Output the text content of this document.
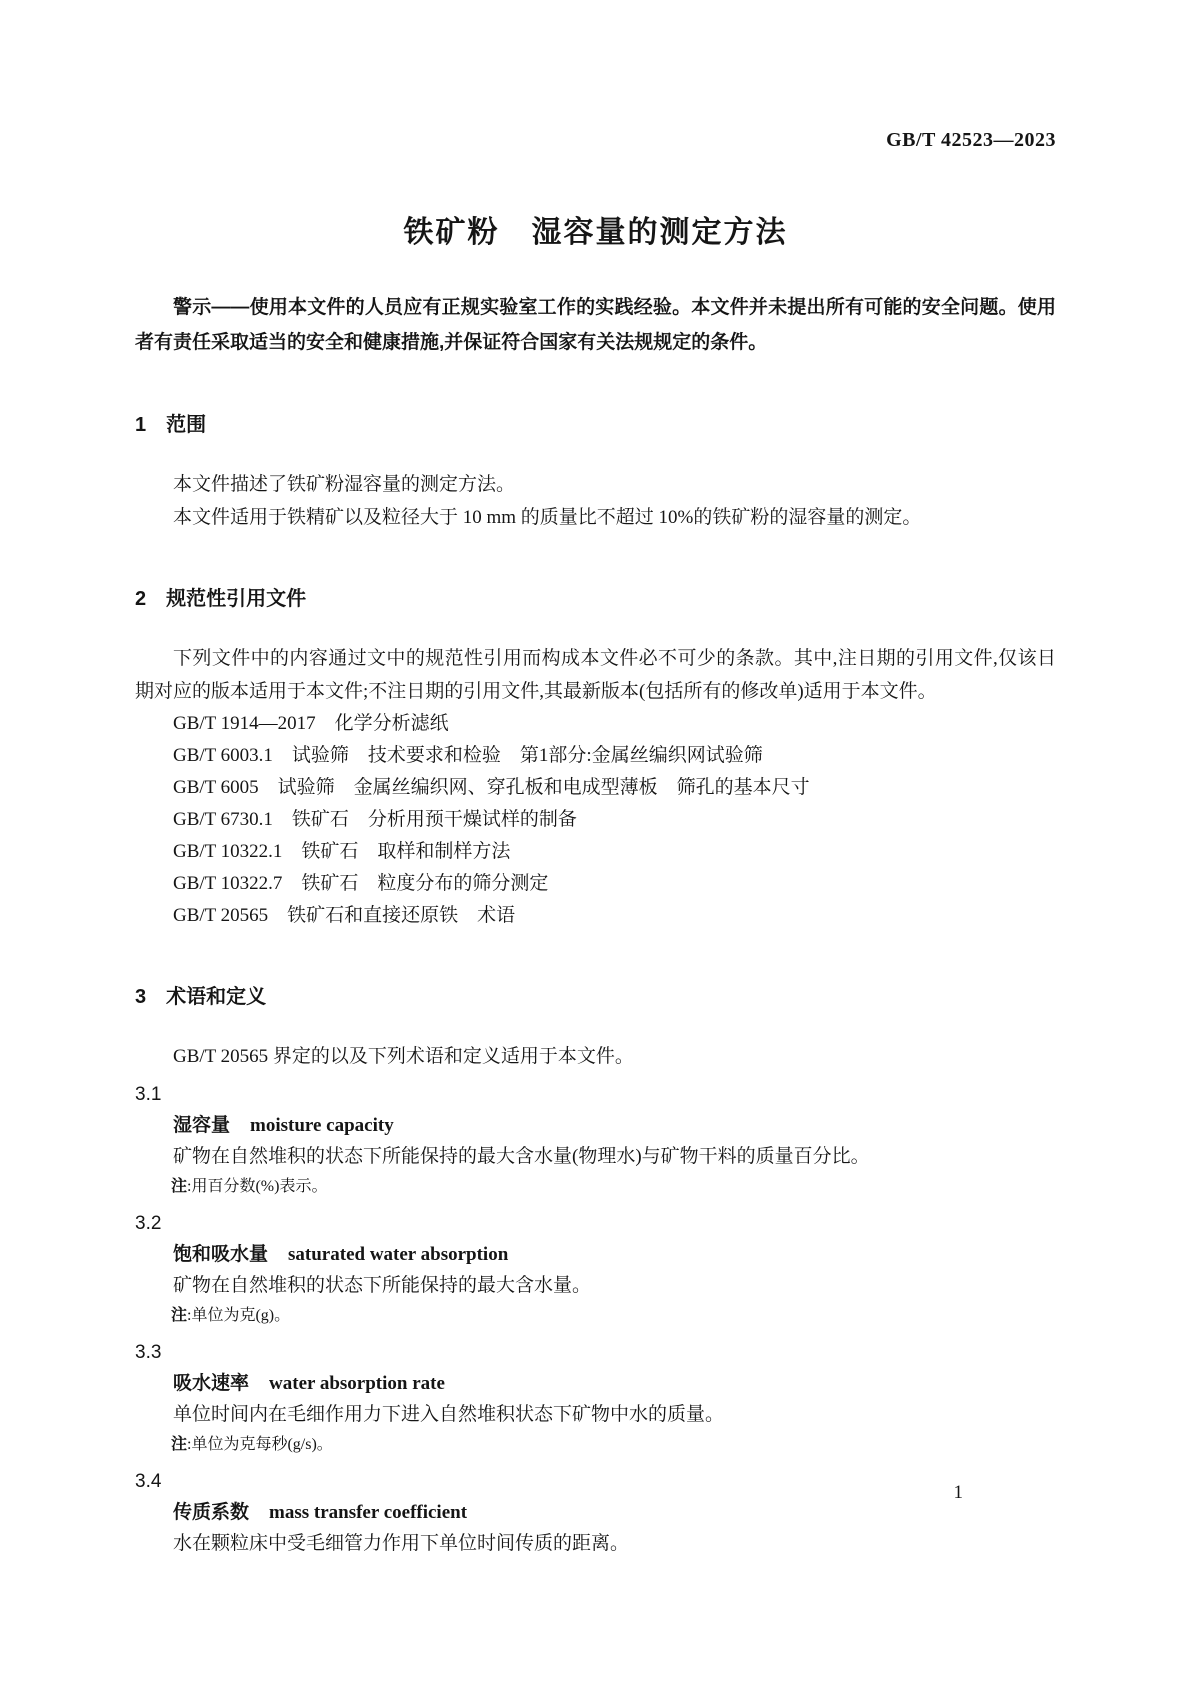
GB/T 42523—2023
铁矿粉　湿容量的测定方法

警示——使用本文件的人员应有正规实验室工作的实践经验。本文件并未提出所有可能的安全问题。使用者有责任采取适当的安全和健康措施,并保证符合国家有关法规规定的条件。

1　范围

本文件描述了铁矿粉湿容量的测定方法。

本文件适用于铁精矿以及粒径大于 10 mm 的质量比不超过 10%的铁矿粉的湿容量的测定。

2　规范性引用文件

下列文件中的内容通过文中的规范性引用而构成本文件必不可少的条款。其中,注日期的引用文件,仅该日期对应的版本适用于本文件;不注日期的引用文件,其最新版本(包括所有的修改单)适用于本文件。

GB/T 1914—2017　化学分析滤纸

GB/T 6003.1　试验筛　技术要求和检验　第1部分:金属丝编织网试验筛

GB/T 6005　试验筛　金属丝编织网、穿孔板和电成型薄板　筛孔的基本尺寸

GB/T 6730.1　铁矿石　分析用预干燥试样的制备

GB/T 10322.1　铁矿石　取样和制样方法

GB/T 10322.7　铁矿石　粒度分布的筛分测定

GB/T 20565　铁矿石和直接还原铁　术语

3　术语和定义

GB/T 20565 界定的以及下列术语和定义适用于本文件。

3.1

湿容量 moisture capacity

矿物在自然堆积的状态下所能保持的最大含水量(物理水)与矿物干料的质量百分比。

注:用百分数(%)表示。

3.2

饱和吸水量 saturated water absorption

矿物在自然堆积的状态下所能保持的最大含水量。

注:单位为克(g)。

3.3

吸水速率 water absorption rate

单位时间内在毛细作用力下进入自然堆积状态下矿物中水的质量。

注:单位为克每秒(g/s)。

3.4

传质系数 mass transfer coefficient

水在颗粒床中受毛细管力作用下单位时间传质的距离。

1
